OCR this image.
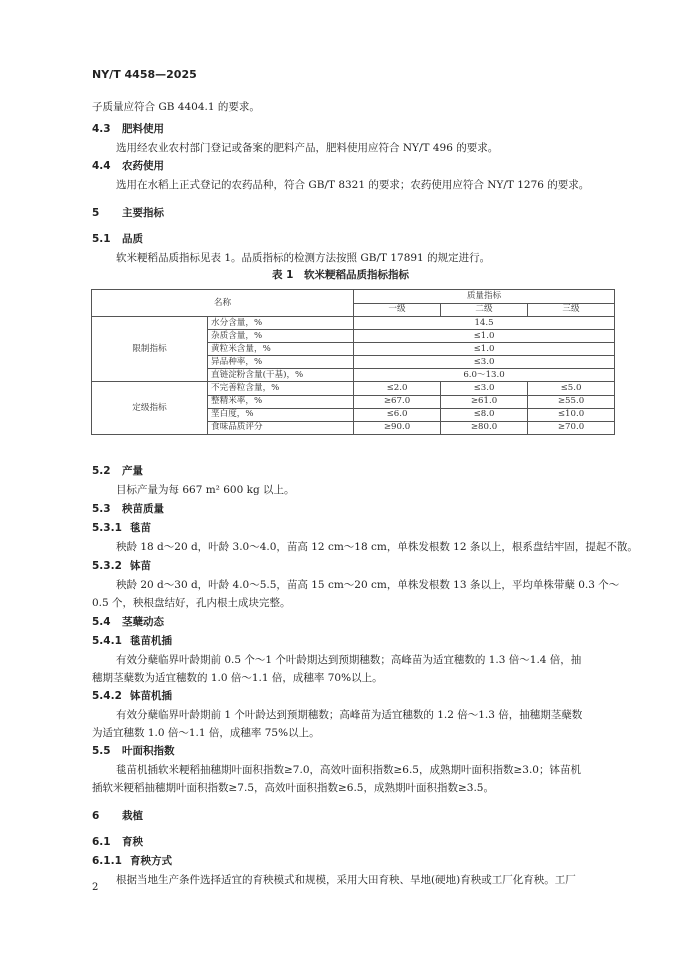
NY/T 4458—2025
子质量应符合 GB 4404.1 的要求。
4.3 肥料使用
选用经农业农村部门登记或备案的肥料产品，肥料使用应符合 NY/T 496 的要求。
4.4 农药使用
选用在水稻上正式登记的农药品种，符合 GB/T 8321 的要求；农药使用应符合 NY/T 1276 的要求。
5 主要指标
5.1 品质
软米粳稻品质指标见表 1。品质指标的检测方法按照 GB/T 17891 的规定进行。
表 1　软米粳稻品质指标指标
名称		质量指标		
		一级	二级	三级
限制指标	水分含量，%	14.5		
	杂质含量，%	≤1.0		
	黄粒米含量，%	≤1.0		
	异品种率，%	≤3.0		
	直链淀粉含量(干基)，%	6.0～13.0		
定级指标	不完善粒含量，%	≤2.0	≤3.0	≤5.0
	整精米率，%	≥67.0	≥61.0	≥55.0
	垩白度，%	≤6.0	≤8.0	≤10.0
	食味品质评分	≥90.0	≥80.0	≥70.0
5.2 产量
目标产量为每 667 m² 600 kg 以上。
5.3 秧苗质量
5.3.1 毯苗
秧龄 18 d～20 d，叶龄 3.0～4.0，苗高 12 cm～18 cm，单株发根数 12 条以上，根系盘结牢固，提起不散。
5.3.2 钵苗
秧龄 20 d～30 d，叶龄 4.0～5.5，苗高 15 cm～20 cm，单株发根数 13 条以上，平均单株带蘖 0.3 个～
0.5 个，秧根盘结好，孔内根土成块完整。
5.4 茎蘖动态
5.4.1 毯苗机插
有效分蘖临界叶龄期前 0.5 个～1 个叶龄期达到预期穗数；高峰苗为适宜穗数的 1.3 倍～1.4 倍，抽
穗期茎蘖数为适宜穗数的 1.0 倍～1.1 倍，成穗率 70%以上。
5.4.2 钵苗机插
有效分蘖临界叶龄期前 1 个叶龄达到预期穗数；高峰苗为适宜穗数的 1.2 倍～1.3 倍，抽穗期茎蘖数
为适宜穗数 1.0 倍～1.1 倍，成穗率 75%以上。
5.5 叶面积指数
毯苗机插软米粳稻抽穗期叶面积指数≥7.0，高效叶面积指数≥6.5，成熟期叶面积指数≥3.0；钵苗机
插软米粳稻抽穗期叶面积指数≥7.5，高效叶面积指数≥6.5，成熟期叶面积指数≥3.5。
6 栽植
6.1 育秧
6.1.1 育秧方式
根据当地生产条件选择适宜的育秧模式和规模，采用大田育秧、旱地(硬地)育秧或工厂化育秧。工厂
2
